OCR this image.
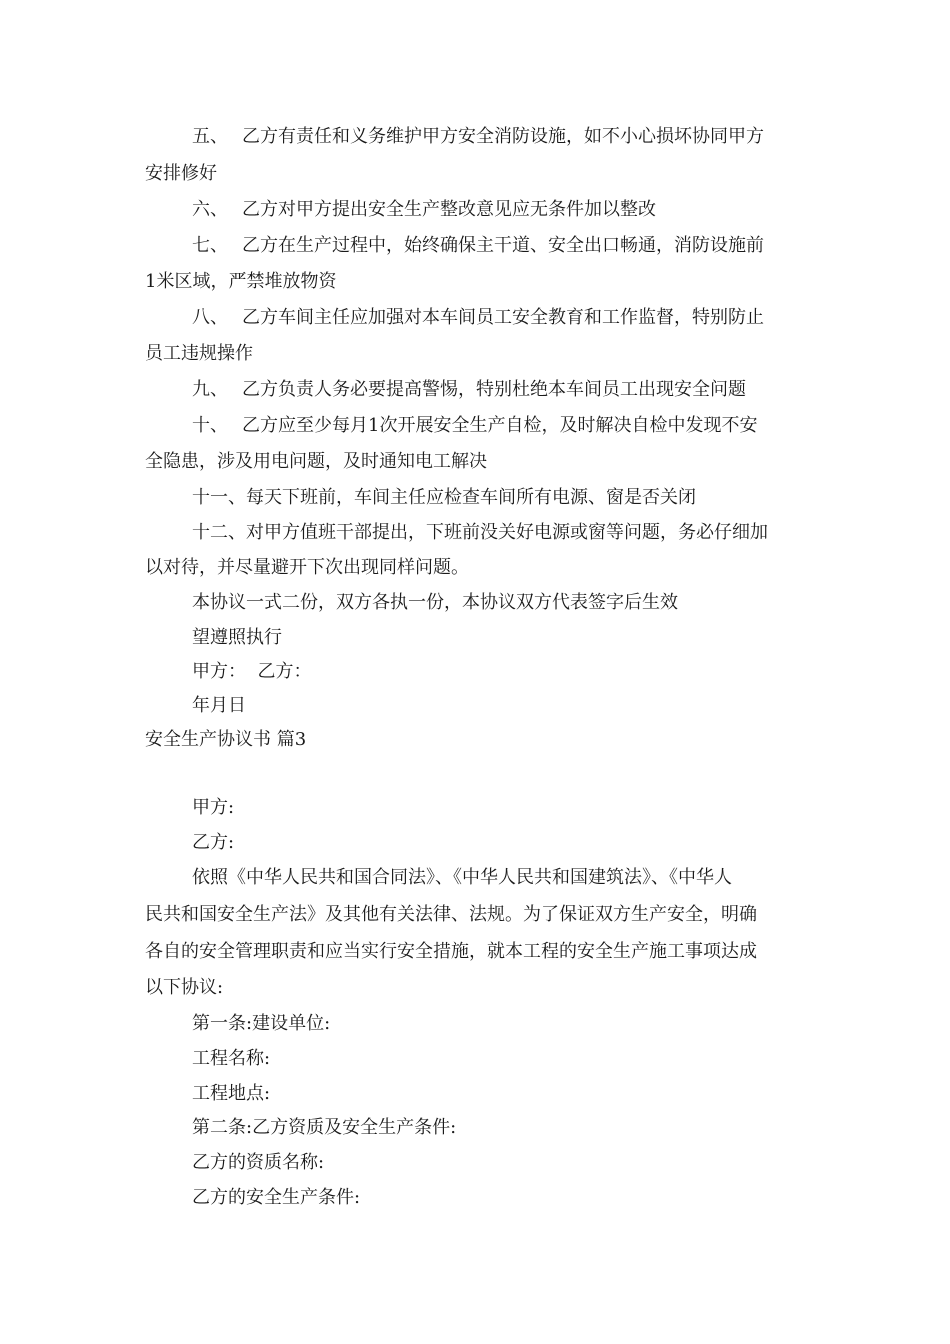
五、 乙方有责任和义务维护甲方安全消防设施，如不小心损坏协同甲方
安排修好
六、 乙方对甲方提出安全生产整改意见应无条件加以整改
七、 乙方在生产过程中，始终确保主干道、安全出口畅通，消防设施前
1米区域，严禁堆放物资
八、 乙方车间主任应加强对本车间员工安全教育和工作监督，特别防止
员工违规操作
九、 乙方负责人务必要提高警惕，特别杜绝本车间员工出现安全问题
十、 乙方应至少每月1次开展安全生产自检，及时解决自检中发现不安
全隐患，涉及用电问题，及时通知电工解决
十一、每天下班前，车间主任应检查车间所有电源、窗是否关闭
十二、对甲方值班干部提出，下班前没关好电源或窗等问题，务必仔细加
以对待，并尽量避开下次出现同样问题。
本协议一式二份，双方各执一份，本协议双方代表签字后生效
望遵照执行
甲方：  乙方：
年月日
安全生产协议书 篇3
甲方:
乙方:
依照《中华人民共和国合同法》、《中华人民共和国建筑法》、《中华人
民共和国安全生产法》及其他有关法律、法规。为了保证双方生产安全，明确
各自的安全管理职责和应当实行安全措施，就本工程的安全生产施工事项达成
以下协议:
第一条:建设单位:
工程名称:
工程地点:
第二条:乙方资质及安全生产条件:
乙方的资质名称:
乙方的安全生产条件:
